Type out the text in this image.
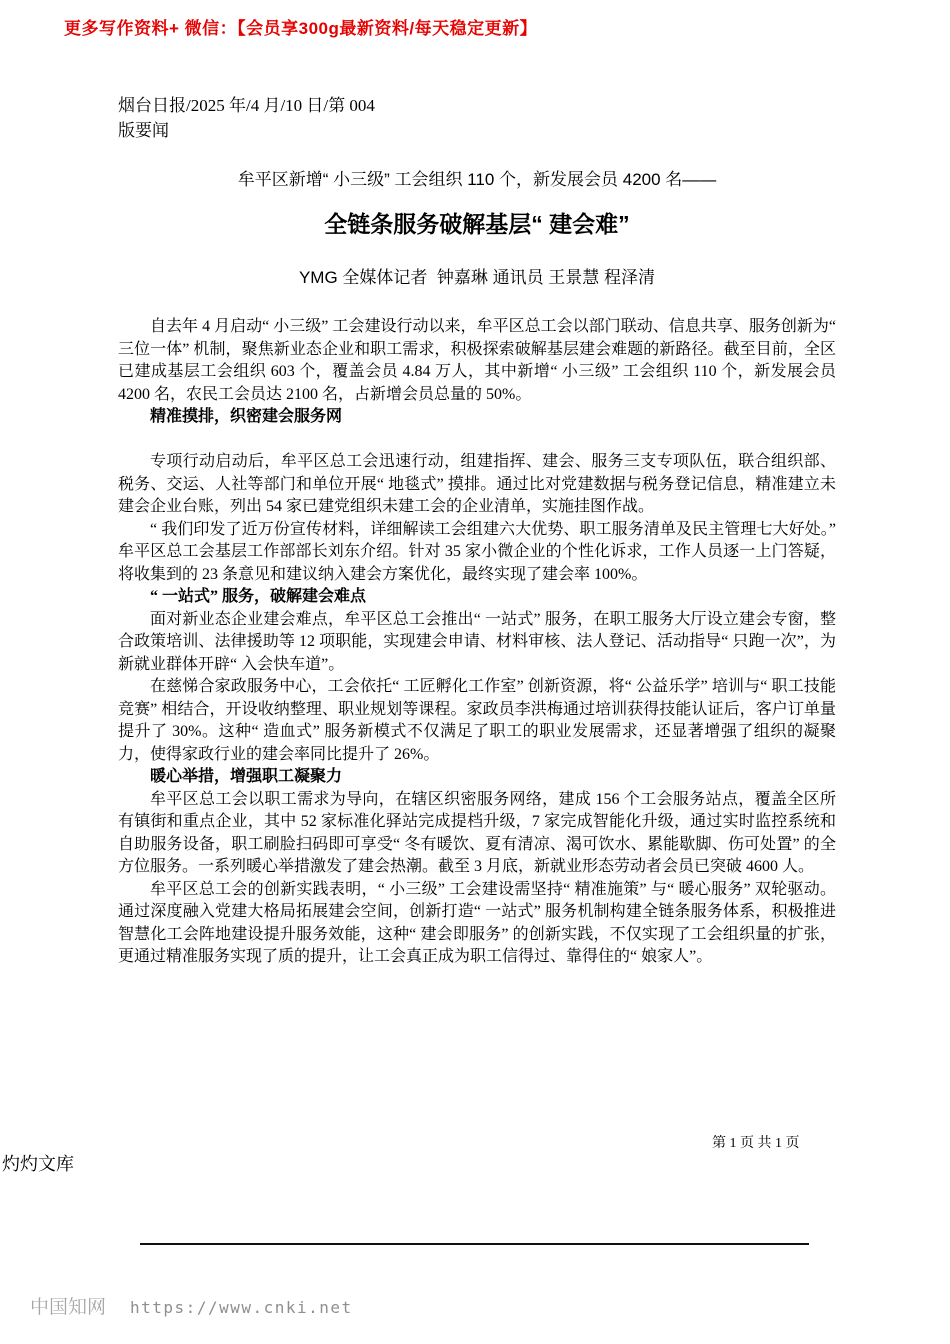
更多写作资料+ 微信：【会员享300g最新资料/每天稳定更新】
烟台日报/2025 年/4 月/10 日/第 004
版要闻
牟平区新增“ 小三级” 工会组织 110 个，新发展会员 4200 名——
全链条服务破解基层“ 建会难”
YMG 全媒体记者  钟嘉琳 通讯员 王景慧 程泽清

自去年 4 月启动“ 小三级” 工会建设行动以来，牟平区总工会以部门联动、信息共享、服务创新为“ 三位一体” 机制，聚焦新业态企业和职工需求，积极探索破解基层建会难题的新路径。截至目前，全区已建成基层工会组织 603 个，覆盖会员 4.84 万人，其中新增“ 小三级” 工会组织 110 个，新发展会员 4200 名，农民工会员达 2100 名，占新增会员总量的 50%。

精准摸排，织密建会服务网

专项行动启动后，牟平区总工会迅速行动，组建指挥、建会、服务三支专项队伍，联合组织部、税务、交运、人社等部门和单位开展“ 地毯式” 摸排。通过比对党建数据与税务登记信息，精准建立未建会企业台账，列出 54 家已建党组织未建工会的企业清单，实施挂图作战。

“ 我们印发了近万份宣传材料，详细解读工会组建六大优势、职工服务清单及民主管理七大好处。” 牟平区总工会基层工作部部长刘东介绍。针对 35 家小微企业的个性化诉求，工作人员逐一上门答疑，将收集到的 23 条意见和建议纳入建会方案优化，最终实现了建会率 100%。

“ 一站式” 服务，破解建会难点

面对新业态企业建会难点，牟平区总工会推出“ 一站式” 服务，在职工服务大厅设立建会专窗，整合政策培训、法律援助等 12 项职能，实现建会申请、材料审核、法人登记、活动指导“ 只跑一次”，为新就业群体开辟“ 入会快车道”。

在慈悌合家政服务中心，工会依托“ 工匠孵化工作室” 创新资源，将“ 公益乐学” 培训与“ 职工技能竞赛” 相结合，开设收纳整理、职业规划等课程。家政员李洪梅通过培训获得技能认证后，客户订单量提升了 30%。这种“ 造血式” 服务新模式不仅满足了职工的职业发展需求，还显著增强了组织的凝聚力，使得家政行业的建会率同比提升了 26%。

暖心举措，增强职工凝聚力

牟平区总工会以职工需求为导向，在辖区织密服务网络，建成 156 个工会服务站点，覆盖全区所有镇街和重点企业，其中 52 家标准化驿站完成提档升级，7 家完成智能化升级，通过实时监控系统和自助服务设备，职工刷脸扫码即可享受“ 冬有暖饮、夏有清凉、渴可饮水、累能歇脚、伤可处置” 的全方位服务。一系列暖心举措激发了建会热潮。截至 3 月底，新就业形态劳动者会员已突破 4600 人。

牟平区总工会的创新实践表明，“ 小三级” 工会建设需坚持“ 精准施策” 与“ 暖心服务” 双轮驱动。通过深度融入党建大格局拓展建会空间，创新打造“ 一站式” 服务机制构建全链条服务体系，积极推进智慧化工会阵地建设提升服务效能，这种“ 建会即服务” 的创新实践，不仅实现了工会组织量的扩张，更通过精准服务实现了质的提升，让工会真正成为职工信得过、靠得住的“ 娘家人”。

第 1 页 共 1 页
灼灼文库
中国知网 https://www.cnki.net
